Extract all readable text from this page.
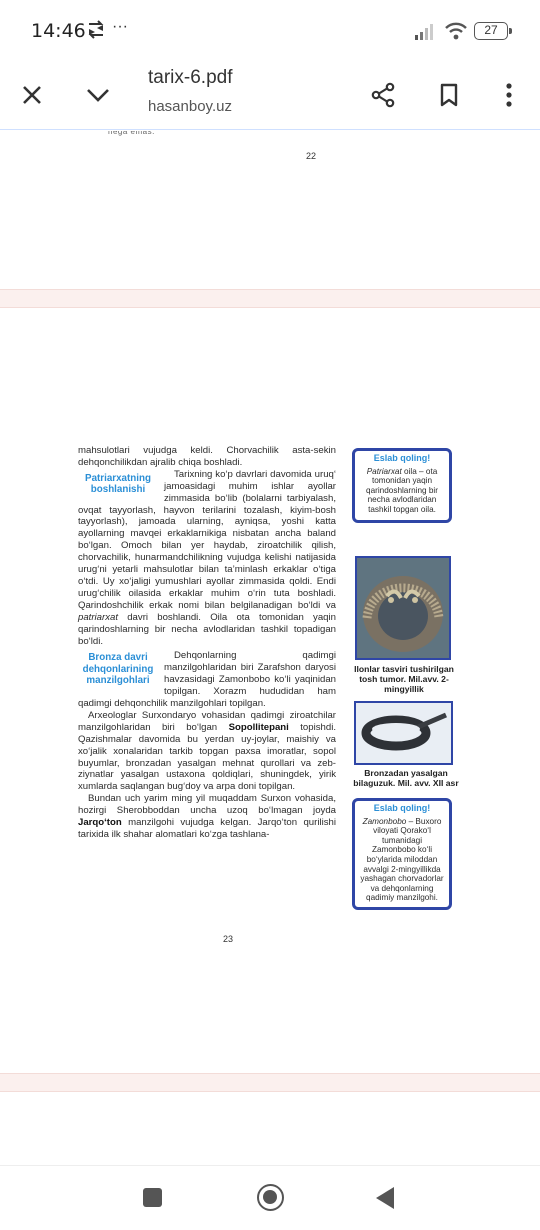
14:46 ···	27
tarix-6.pdf
hasanboy.uz
nega emas.
22

mahsulotlari vujudga keldi. Chorvachilik asta-sekin dehqonchilikdan ajralib chiqa boshladi.

Patriarxatning boshlanishi

Tarixning ko‘p davrlari davomida uruq‘ jamoasidagi muhim ishlar ayollar zimmasida bo‘lib (bolalarni tarbiyalash, ovqat tayyorlash, hayvon terilarini tozalash, kiyim-bosh tayyorlash), jamoada ularning, ayniqsa, yoshi katta ayollarning mavqei erkaklarnikiga nisbatan ancha baland bo‘lgan. Omoch bilan yer haydab, ziroatchilik qilish, chorvachilik, hunarmandchilikning vujudga kelishi natijasida urug‘ni yetarli mahsulotlar bilan ta’minlash erkaklar o‘tiga o‘tdi. Uy xo‘jaligi yumushlari ayollar zimmasida qoldi. Endi urug‘chilik oilasida erkaklar muhim o‘rin tuta boshladi. Qarindoshchilik erkak nomi bilan belgilanadigan bo‘ldi va patriarxat davri boshlandi. Oila ota tomonidan yaqin qarindoshlarning bir necha avlodlaridan tashkil topadigan bo‘ldi.

Bronza davri dehqonlarining manzilgohlari

Dehqonlarning qadimgi manzilgohlaridan biri Zarafshon daryosi havzasidagi Zamonbobo ko‘li yaqinidan topilgan. Xorazm hududidan ham qadimgi dehqonchilik manzilgohlari topilgan.

Arxeologlar Surxondaryo vohasidan qadimgi ziroatchilar manzilgohlaridan biri bo‘lgan Sopollitepani topishdi. Qazishmalar davomida bu yerdan uy-joylar, maishiy va xo‘jalik xonalaridan tarkib topgan paxsa imoratlar, sopol buyumlar, bronzadan yasalgan mehnat qurollari va zeb-ziynatlar yasalgan ustaxona qoldiqlari, shuningdek, yirik xumlarda saqlangan bug‘doy va arpa doni topilgan.

Bundan uch yarim ming yil muqaddam Surxon vohasida, hozirgi Sherobboddan uncha uzoq bo‘lmagan joyda Jarqo‘ton manzilgohi vujudga kelgan. Jarqo‘ton qurilishi tarixida ilk shahar alomatlari ko‘zga tashlana-

Eslab qoling!
Patriarxat oila – ota tomonidan yaqin qarindoshlarning bir necha avlodlaridan tashkil topgan oila.
Ilonlar tasviri tushirilgan tosh tumor. Mil.avv. 2-mingyillik
Bronzadan yasalgan bilaguzuk. Mil. avv. XII asr
Eslab qoling!
Zamonbobo – Buxoro viloyati Qorako‘l tumanidagi Zamonbobo ko‘li bo‘ylarida miloddan avvalgi 2-mingyillikda yashagan chorvadorlar va dehqonlarning qadimiy manzilgohi.
23
